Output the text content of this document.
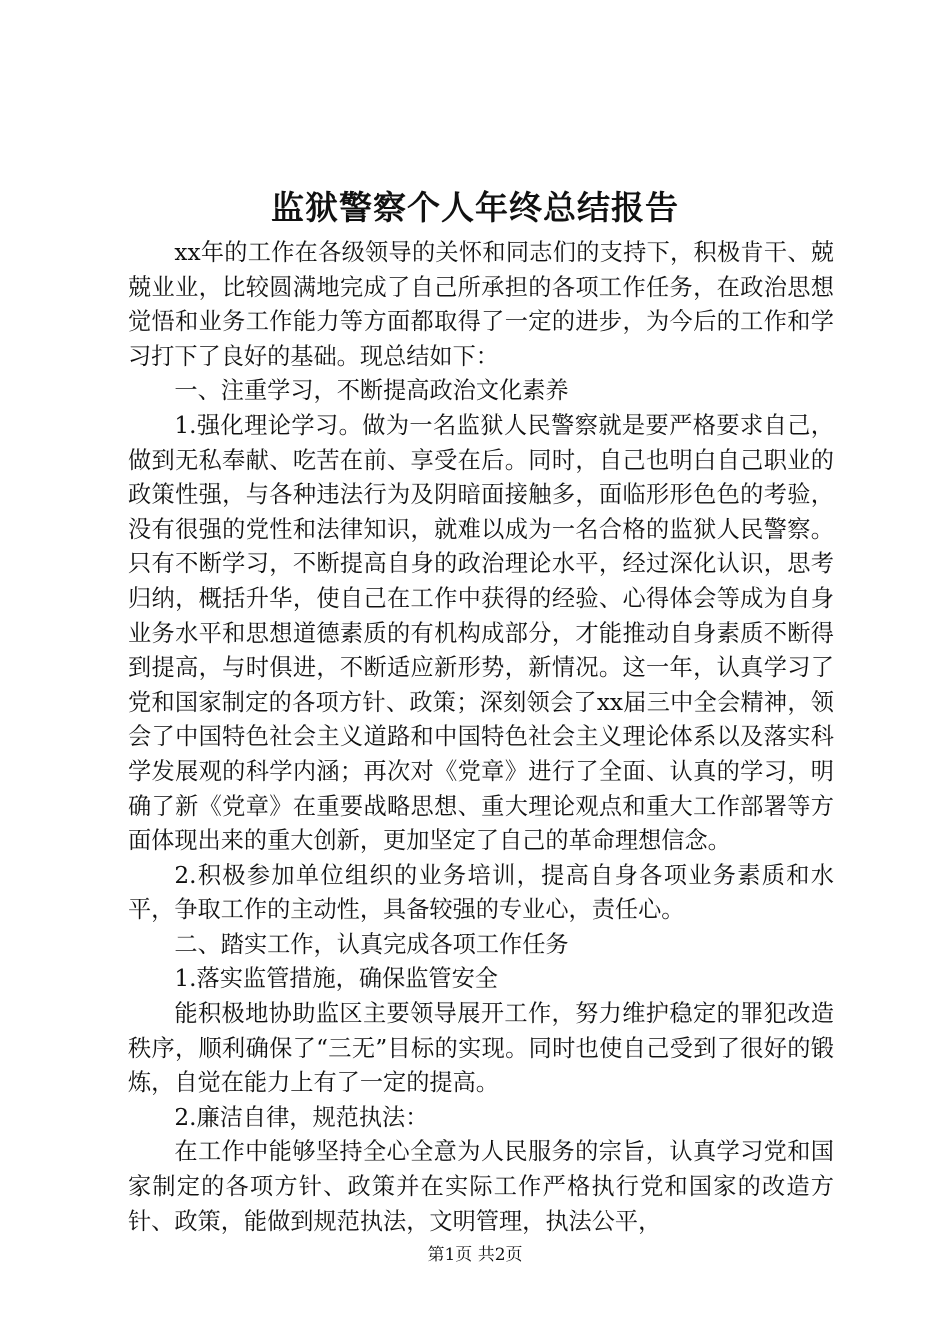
监狱警察个人年终总结报告

xx年的工作在各级领导的关怀和同志们的支持下，积极肯干、兢兢业业，比较圆满地完成了自己所承担的各项工作任务，在政治思想觉悟和业务工作能力等方面都取得了一定的进步，为今后的工作和学习打下了良好的基础。现总结如下：

一、注重学习，不断提高政治文化素养

1.强化理论学习。做为一名监狱人民警察就是要严格要求自己，做到无私奉献、吃苦在前、享受在后。同时，自己也明白自己职业的政策性强，与各种违法行为及阴暗面接触多，面临形形色色的考验，没有很强的党性和法律知识，就难以成为一名合格的监狱人民警察。只有不断学习，不断提高自身的政治理论水平，经过深化认识，思考归纳，概括升华，使自己在工作中获得的经验、心得体会等成为自身业务水平和思想道德素质的有机构成部分，才能推动自身素质不断得到提高，与时俱进，不断适应新形势，新情况。这一年，认真学习了党和国家制定的各项方针、政策；深刻领会了xx届三中全会精神，领会了中国特色社会主义道路和中国特色社会主义理论体系以及落实科学发展观的科学内涵；再次对《党章》进行了全面、认真的学习，明确了新《党章》在重要战略思想、重大理论观点和重大工作部署等方面体现出来的重大创新，更加坚定了自己的革命理想信念。

2.积极参加单位组织的业务培训，提高自身各项业务素质和水平，争取工作的主动性，具备较强的专业心，责任心。

二、踏实工作，认真完成各项工作任务

1.落实监管措施，确保监管安全

能积极地协助监区主要领导展开工作，努力维护稳定的罪犯改造秩序，顺利确保了“三无”目标的实现。同时也使自己受到了很好的锻炼，自觉在能力上有了一定的提高。

2.廉洁自律，规范执法：

在工作中能够坚持全心全意为人民服务的宗旨，认真学习党和国家制定的各项方针、政策并在实际工作严格执行党和国家的改造方针、政策，能做到规范执法，文明管理，执法公平，

第1页 共2页
